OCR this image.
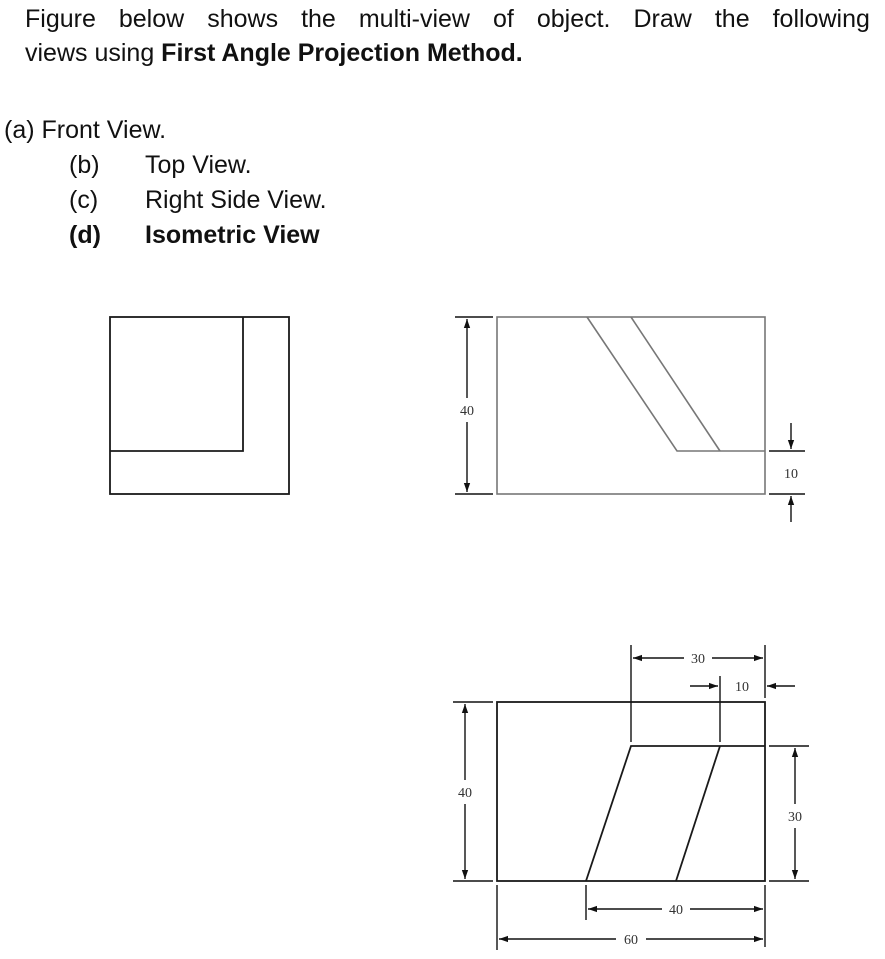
Figure below shows the multi-view of object. Draw the following
views using First Angle Projection Method.
(a) Front View.
(b) Top View.
(c) Right Side View.
(d) Isometric View
40
10
30
10
40
30
40
60
